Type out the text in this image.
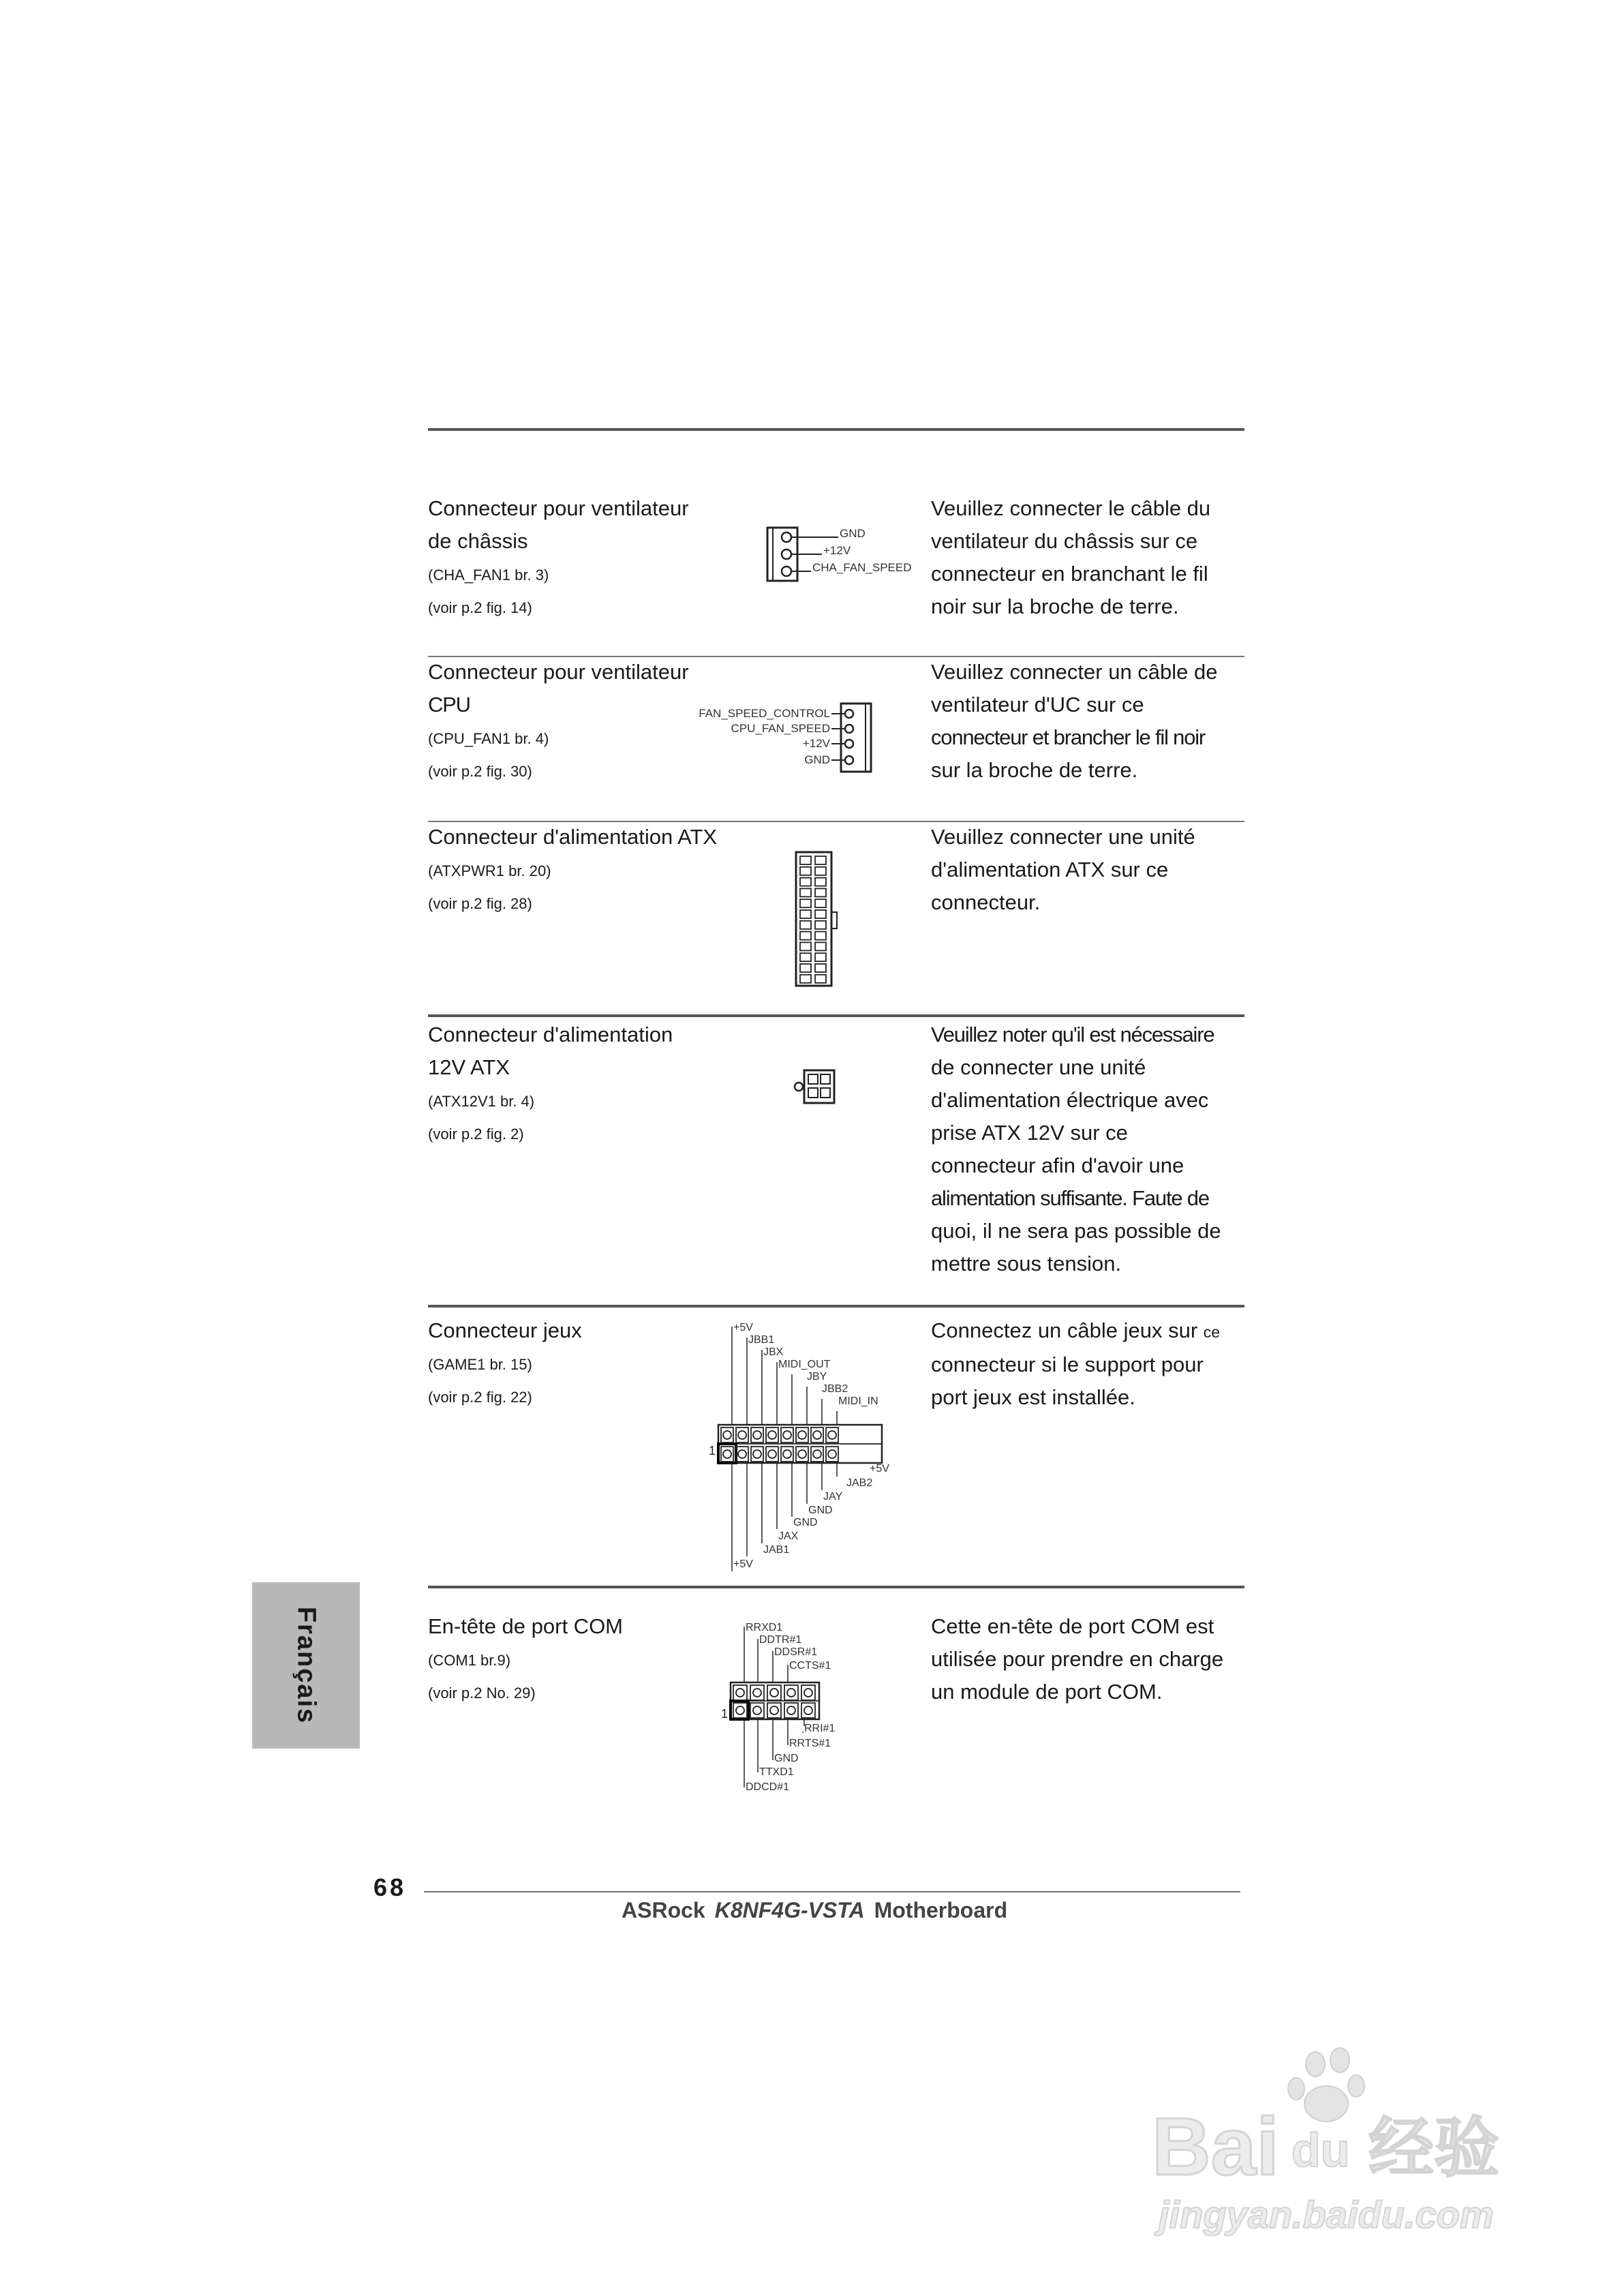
Connecteur pour ventilateur
de châssis
(CHA_FAN1 br. 3)
(voir p.2 fig. 14)
GND
+12V
CHA_FAN_SPEED
Veuillez connecter le câble du
ventilateur du châssis sur ce
connecteur en branchant le fil
noir sur la broche de terre.
Connecteur pour ventilateur
CPU
(CPU_FAN1 br. 4)
(voir p.2 fig. 30)
FAN_SPEED_CONTROL
CPU_FAN_SPEED
+12V
GND
Veuillez connecter un câble de
ventilateur d'UC sur ce
connecteur et brancher le fil noir
sur la broche de terre.
Connecteur d'alimentation ATX
(ATXPWR1 br. 20)
(voir p.2 fig. 28)
Veuillez connecter une unité
d'alimentation ATX sur ce
connecteur.
Connecteur d'alimentation
12V ATX
(ATX12V1 br. 4)
(voir p.2 fig. 2)
Veuillez noter qu'il est nécessaire
de connecter une unité
d'alimentation électrique avec
prise ATX 12V sur ce
connecteur afin d'avoir une
alimentation suffisante. Faute de
quoi, il ne sera pas possible de
mettre sous tension.
Connecteur jeux
(GAME1 br. 15)
(voir p.2 fig. 22)
+5V
JBB1
JBX
MIDI_OUT
JBY
JBB2
MIDI_IN
+5V
JAB2
JAY
GND
GND
JAX
JAB1
+5V
1
Connectez un câble jeux sur ce
connecteur si le support pour
port jeux est installée.
En-tête de port COM
(COM1 br.9)
(voir p.2 No. 29)
RRXD1
DDTR#1
DDSR#1
CCTS#1
RRI#1
RRTS#1
GND
TTXD1
DDCD#1
1
Cette en-tête de port COM est
utilisée pour prendre en charge
un module de port COM.
Français
68
ASRock K8NF4G-VSTA Motherboard
Bai du 经验
jingyan.baidu.com
